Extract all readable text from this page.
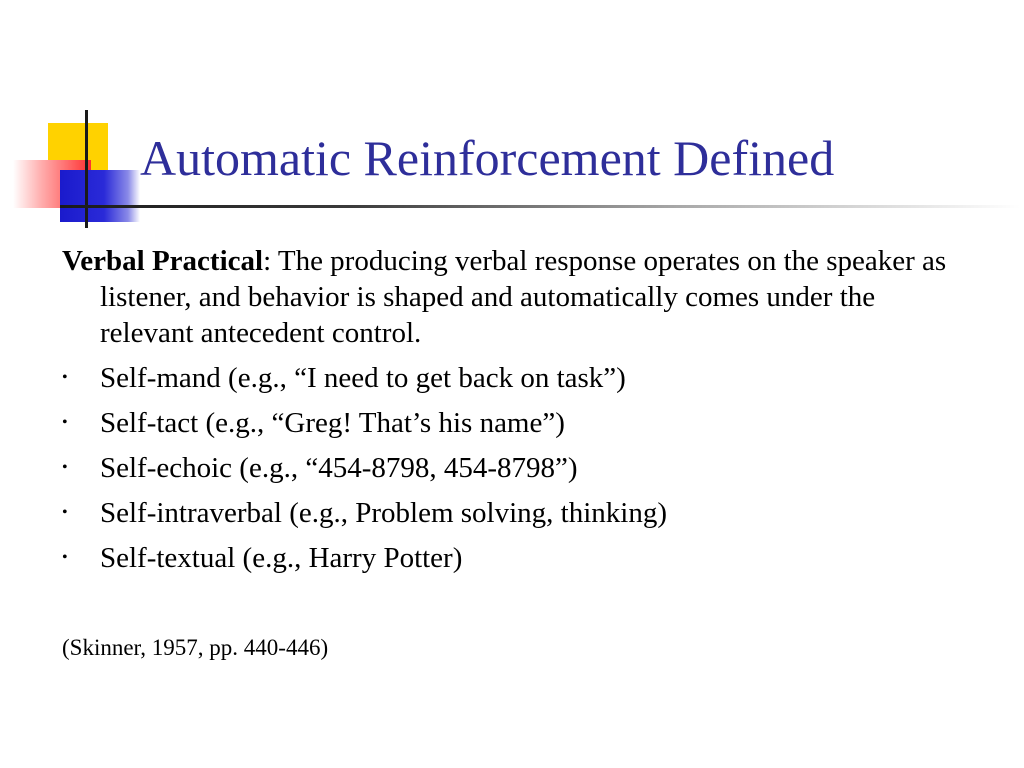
Automatic Reinforcement Defined

Verbal Practical: The producing verbal response operates on the speaker as listener, and behavior is shaped and automatically comes under the relevant antecedent control.

• Self-mand (e.g., “I need to get back on task”)
• Self-tact (e.g., “Greg! That’s his name”)
• Self-echoic (e.g., “454-8798, 454-8798”)
• Self-intraverbal (e.g., Problem solving, thinking)
• Self-textual (e.g., Harry Potter)

(Skinner, 1957, pp. 440-446)
